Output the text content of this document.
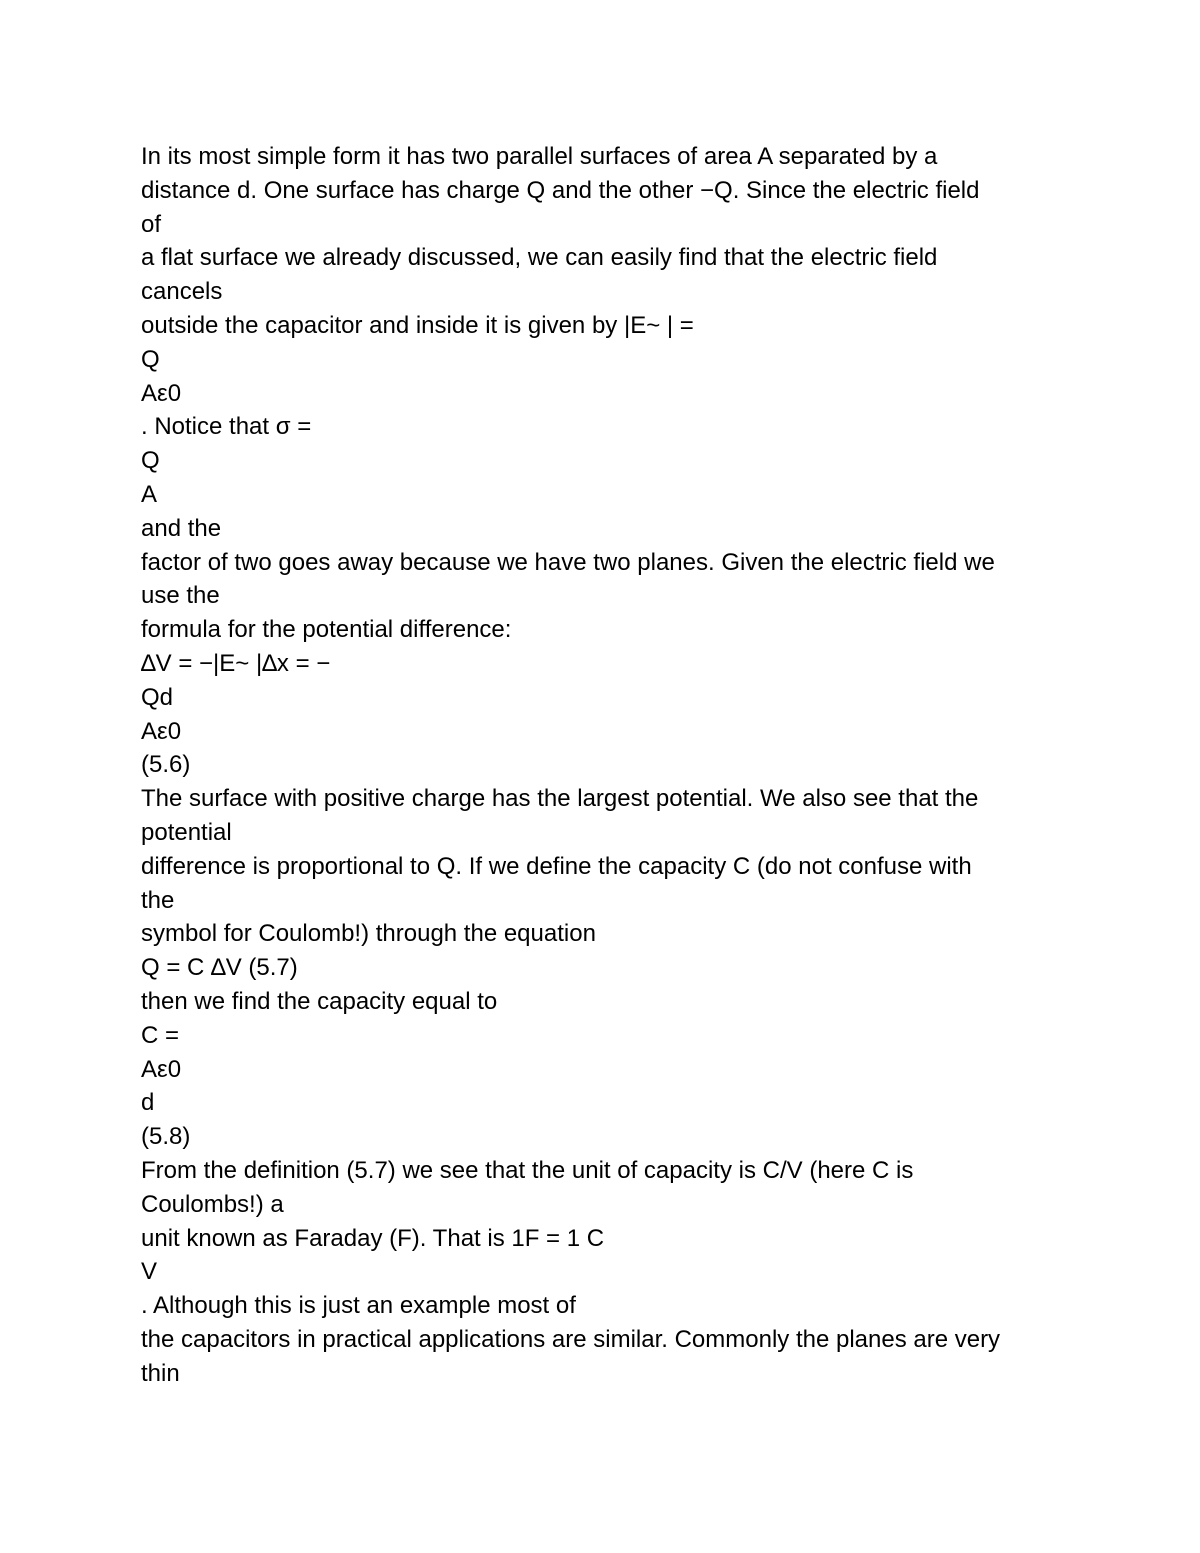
In its most simple form it has two parallel surfaces of area A separated by a
distance d. One surface has charge Q and the other −Q. Since the electric field
of
a flat surface we already discussed, we can easily find that the electric field
cancels
outside the capacitor and inside it is given by |E~ | =
Q
Aε0
. Notice that σ =
Q
A
and the
factor of two goes away because we have two planes. Given the electric field we
use the
formula for the potential difference:
∆V = −|E~ |∆x = −
Qd
Aε0
(5.6)
The surface with positive charge has the largest potential. We also see that the
potential
difference is proportional to Q. If we define the capacity C (do not confuse with
the
symbol for Coulomb!) through the equation
Q = C ∆V (5.7)
then we find the capacity equal to
C =
Aε0
d
(5.8)
From the definition (5.7) we see that the unit of capacity is C/V (here C is
Coulombs!) a
unit known as Faraday (F). That is 1F = 1 C
V
. Although this is just an example most of
the capacitors in practical applications are similar. Commonly the planes are very
thin
